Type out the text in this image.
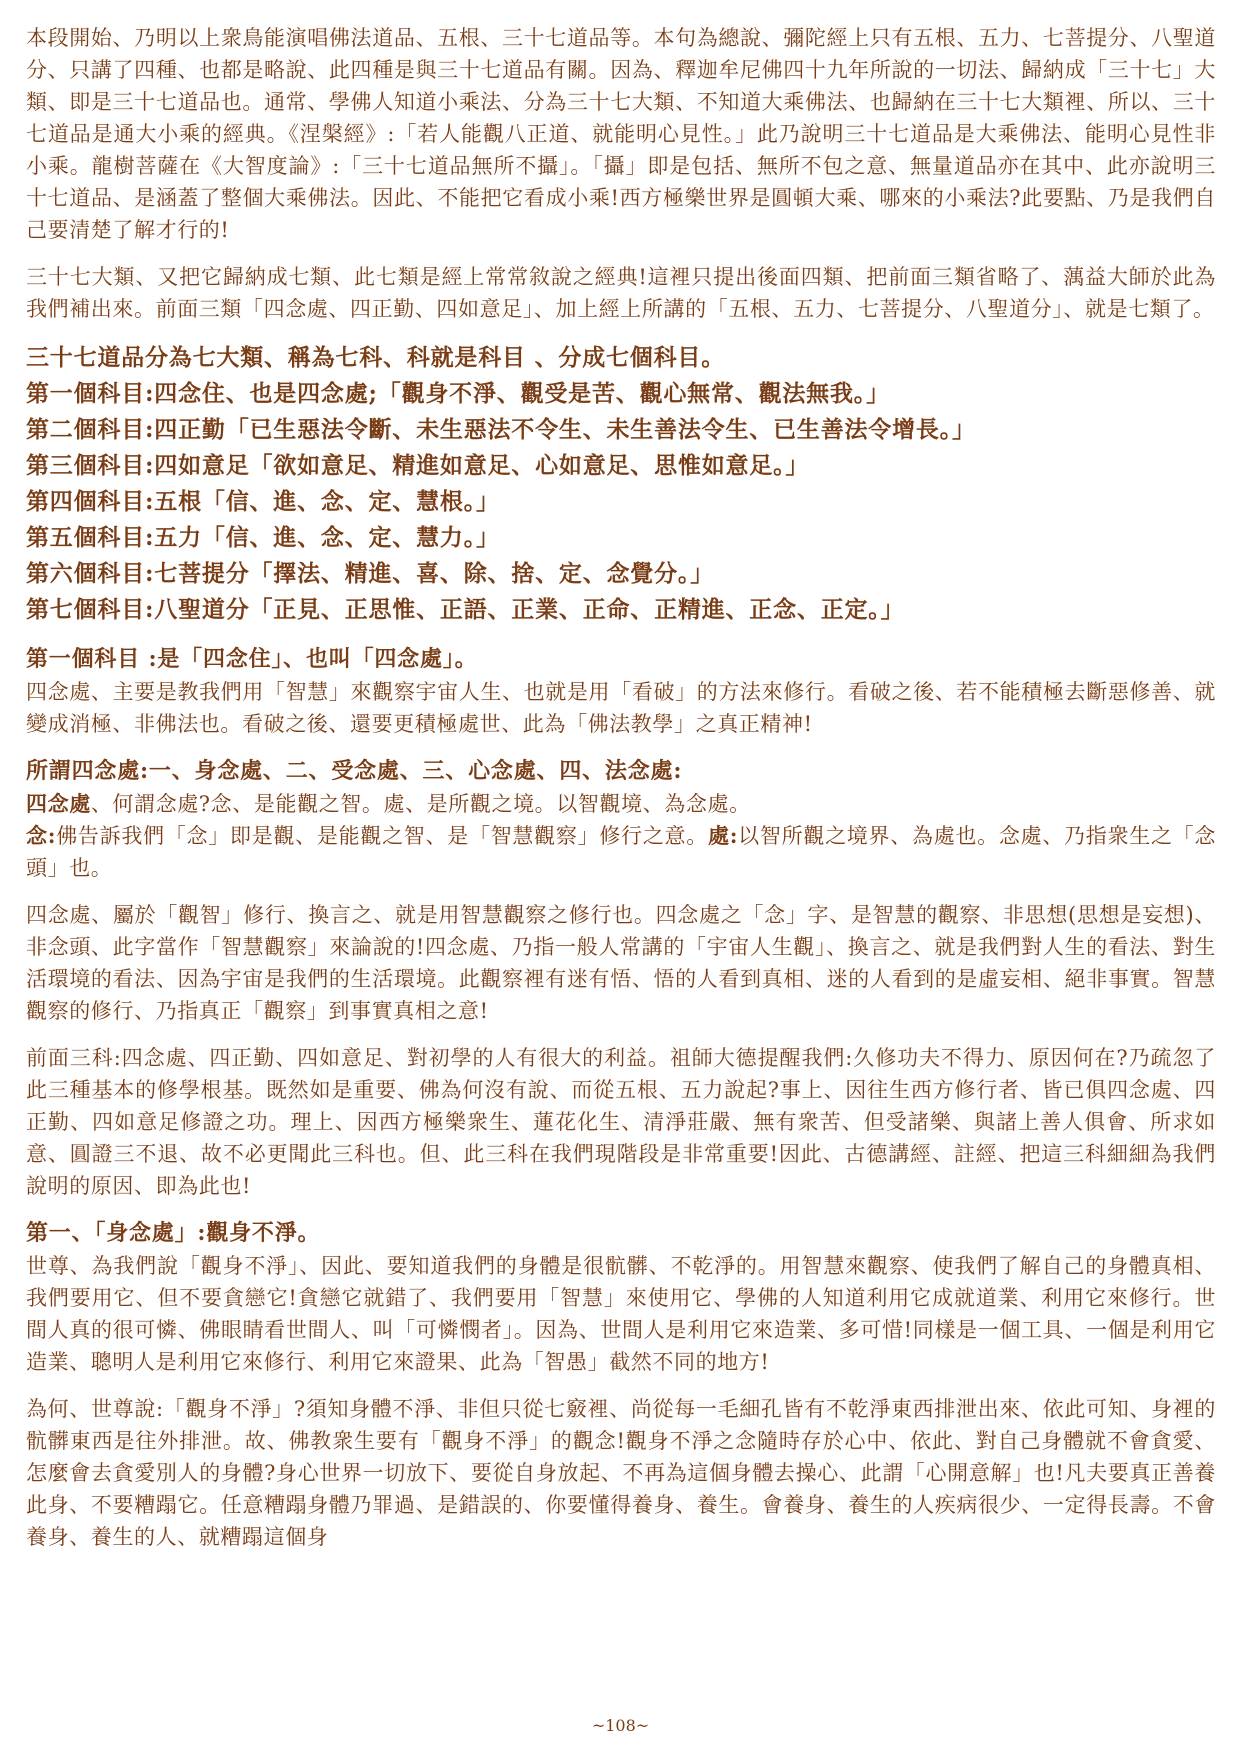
本段開始、乃明以上衆鳥能演唱佛法道品、五根、三十七道品等。本句為總說、彌陀經上只有五根、五力、七菩提分、八聖道分、只講了四種、也都是略說、此四種是與三十七道品有關。因為、釋迦牟尼佛四十九年所說的一切法、歸納成「三十七」大類、即是三十七道品也。通常、學佛人知道小乘法、分為三十七大類、不知道大乘佛法、也歸納在三十七大類裡、所以、三十七道品是通大小乘的經典。《涅槃經》:「若人能觀八正道、就能明心見性。」此乃說明三十七道品是大乘佛法、能明心見性非小乘。龍樹菩薩在《大智度論》:「三十七道品無所不攝」。「攝」即是包括、無所不包之意、無量道品亦在其中、此亦說明三十七道品、是涵蓋了整個大乘佛法。因此、不能把它看成小乘!西方極樂世界是圓頓大乘、哪來的小乘法?此要點、乃是我們自己要清楚了解才行的!

三十七大類、又把它歸納成七類、此七類是經上常常敘說之經典!這裡只提出後面四類、把前面三類省略了、蕅益大師於此為我們補出來。前面三類「四念處、四正勤、四如意足」、加上經上所講的「五根、五力、七菩提分、八聖道分」、就是七類了。

三十七道品分為七大類、稱為七科、科就是科目 、分成七個科目。

第一個科目:四念住、也是四念處;「觀身不淨、觀受是苦、觀心無常、觀法無我。」

第二個科目:四正勤「已生惡法令斷、未生惡法不令生、未生善法令生、已生善法令增長。」

第三個科目:四如意足「欲如意足、精進如意足、心如意足、思惟如意足。」

第四個科目:五根「信、進、念、定、慧根。」

第五個科目:五力「信、進、念、定、慧力。」

第六個科目:七菩提分「擇法、精進、喜、除、捨、定、念覺分。」

第七個科目:八聖道分「正見、正思惟、正語、正業、正命、正精進、正念、正定。」

第一個科目 :是「四念住」、也叫「四念處」。

四念處、主要是教我們用「智慧」來觀察宇宙人生、也就是用「看破」的方法來修行。看破之後、若不能積極去斷惡修善、就變成消極、非佛法也。看破之後、還要更積極處世、此為「佛法教學」之真正精神!

所謂四念處:一、身念處、二、受念處、三、心念處、四、法念處:

四念處、何謂念處?念、是能觀之智。處、是所觀之境。以智觀境、為念處。

念:佛告訴我們「念」即是觀、是能觀之智、是「智慧觀察」修行之意。處:以智所觀之境界、為處也。念處、乃指衆生之「念頭」也。

四念處、屬於「觀智」修行、換言之、就是用智慧觀察之修行也。四念處之「念」字、是智慧的觀察、非思想(思想是妄想)、非念頭、此字當作「智慧觀察」來論說的!四念處、乃指一般人常講的「宇宙人生觀」、換言之、就是我們對人生的看法、對生活環境的看法、因為宇宙是我們的生活環境。此觀察裡有迷有悟、悟的人看到真相、迷的人看到的是虛妄相、絕非事實。智慧觀察的修行、乃指真正「觀察」到事實真相之意!

前面三科:四念處、四正勤、四如意足、對初學的人有很大的利益。祖師大德提醒我們:久修功夫不得力、原因何在?乃疏忽了此三種基本的修學根基。既然如是重要、佛為何沒有說、而從五根、五力說起?事上、因往生西方修行者、皆已俱四念處、四正勤、四如意足修證之功。理上、因西方極樂衆生、蓮花化生、清淨莊嚴、無有衆苦、但受諸樂、與諸上善人俱會、所求如意、圓證三不退、故不必更聞此三科也。但、此三科在我們現階段是非常重要!因此、古德講經、註經、把這三科細細為我們說明的原因、即為此也!

第一、「身念處」:觀身不淨。

世尊、為我們說「觀身不淨」、因此、要知道我們的身體是很骯髒、不乾淨的。用智慧來觀察、使我們了解自己的身體真相、我們要用它、但不要貪戀它!貪戀它就錯了、我們要用「智慧」來使用它、學佛的人知道利用它成就道業、利用它來修行。世間人真的很可憐、佛眼睛看世間人、叫「可憐憫者」。因為、世間人是利用它來造業、多可惜!同樣是一個工具、一個是利用它造業、聰明人是利用它來修行、利用它來證果、此為「智愚」截然不同的地方!

為何、世尊說:「觀身不淨」?須知身體不淨、非但只從七竅裡、尚從每一毛細孔皆有不乾淨東西排泄出來、依此可知、身裡的骯髒東西是往外排泄。故、佛教衆生要有「觀身不淨」的觀念!觀身不淨之念隨時存於心中、依此、對自己身體就不會貪愛、怎麼會去貪愛別人的身體?身心世界一切放下、要從自身放起、不再為這個身體去操心、此謂「心開意解」也!凡夫要真正善養此身、不要糟蹋它。任意糟蹋身體乃罪過、是錯誤的、你要懂得養身、養生。會養身、養生的人疾病很少、一定得長壽。不會養身、養生的人、就糟蹋這個身

~108~
